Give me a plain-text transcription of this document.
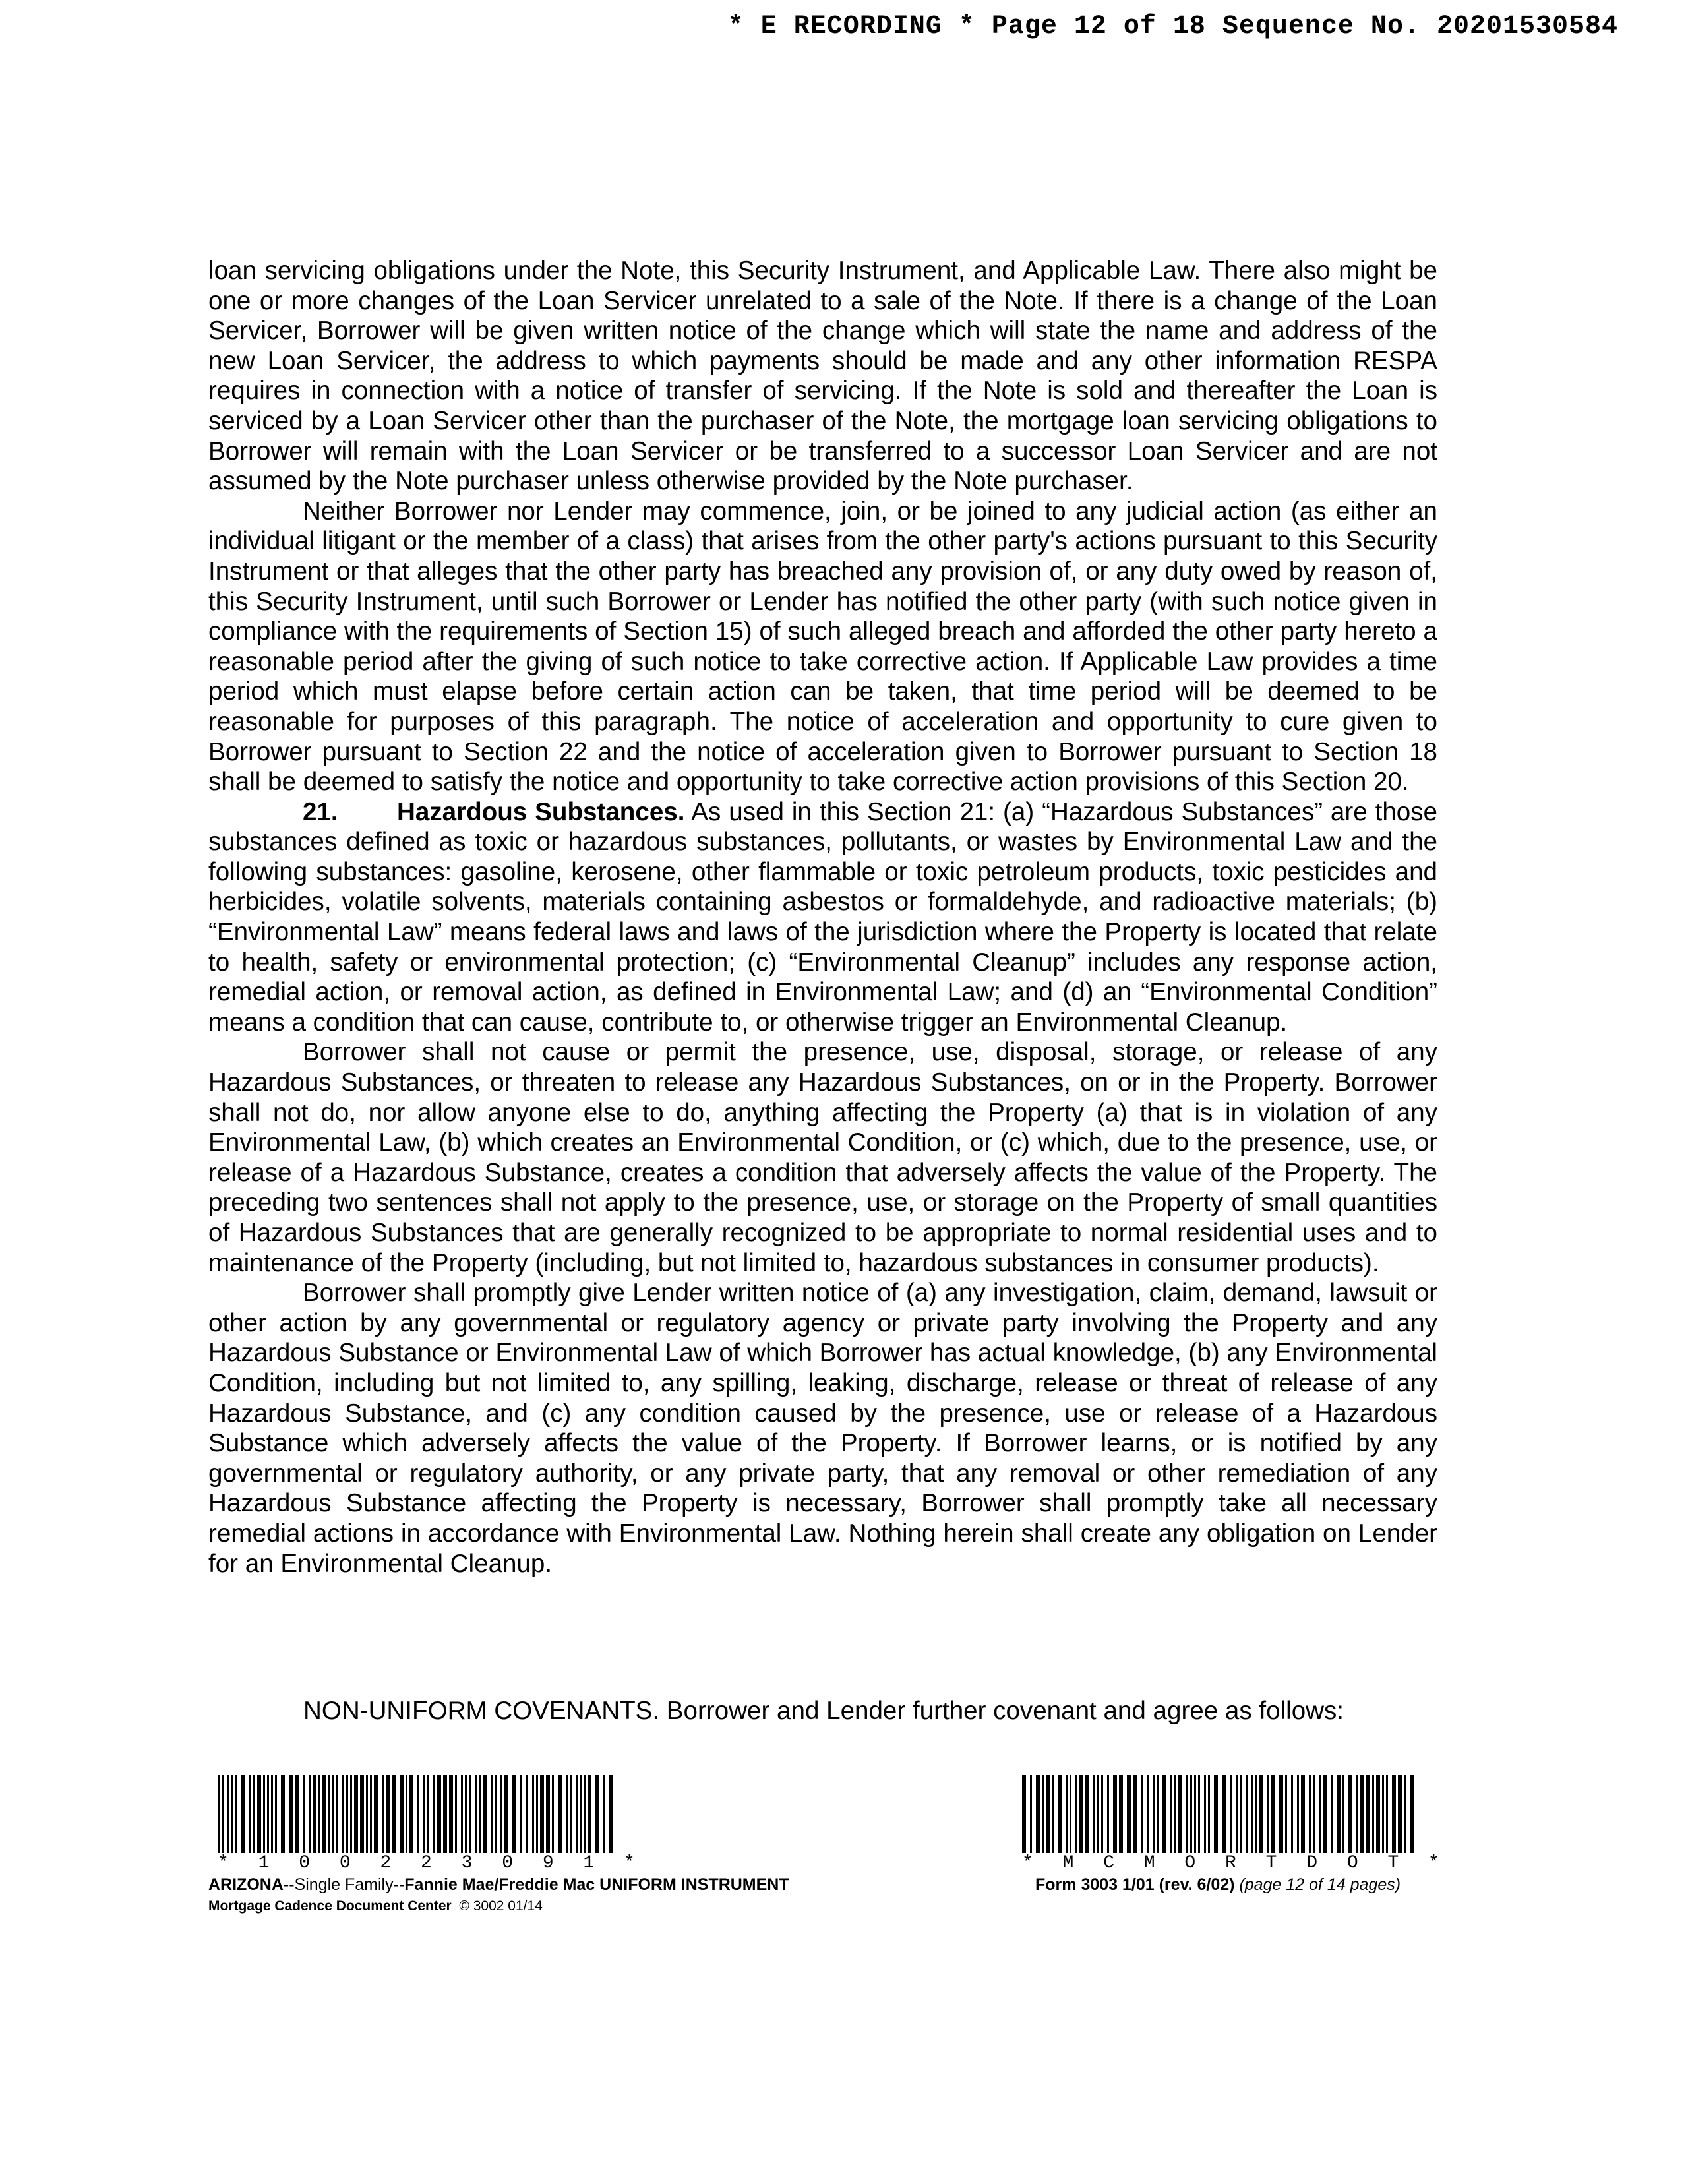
* E RECORDING * Page 12 of 18 Sequence No. 20201530584

loan servicing obligations under the Note, this Security Instrument, and Applicable Law. There also might be one or more changes of the Loan Servicer unrelated to a sale of the Note. If there is a change of the Loan Servicer, Borrower will be given written notice of the change which will state the name and address of the new Loan Servicer, the address to which payments should be made and any other information RESPA requires in connection with a notice of transfer of servicing. If the Note is sold and thereafter the Loan is serviced by a Loan Servicer other than the purchaser of the Note, the mortgage loan servicing obligations to Borrower will remain with the Loan Servicer or be transferred to a successor Loan Servicer and are not assumed by the Note purchaser unless otherwise provided by the Note purchaser.

Neither Borrower nor Lender may commence, join, or be joined to any judicial action (as either an individual litigant or the member of a class) that arises from the other party's actions pursuant to this Security Instrument or that alleges that the other party has breached any provision of, or any duty owed by reason of, this Security Instrument, until such Borrower or Lender has notified the other party (with such notice given in compliance with the requirements of Section 15) of such alleged breach and afforded the other party hereto a reasonable period after the giving of such notice to take corrective action. If Applicable Law provides a time period which must elapse before certain action can be taken, that time period will be deemed to be reasonable for purposes of this paragraph. The notice of acceleration and opportunity to cure given to Borrower pursuant to Section 22 and the notice of acceleration given to Borrower pursuant to Section 18 shall be deemed to satisfy the notice and opportunity to take corrective action provisions of this Section 20.

21. Hazardous Substances. As used in this Section 21: (a) “Hazardous Substances” are those substances defined as toxic or hazardous substances, pollutants, or wastes by Environmental Law and the following substances: gasoline, kerosene, other flammable or toxic petroleum products, toxic pesticides and herbicides, volatile solvents, materials containing asbestos or formaldehyde, and radioactive materials; (b) “Environmental Law” means federal laws and laws of the jurisdiction where the Property is located that relate to health, safety or environmental protection; (c) “Environmental Cleanup” includes any response action, remedial action, or removal action, as defined in Environmental Law; and (d) an “Environmental Condition” means a condition that can cause, contribute to, or otherwise trigger an Environmental Cleanup.

Borrower shall not cause or permit the presence, use, disposal, storage, or release of any Hazardous Substances, or threaten to release any Hazardous Substances, on or in the Property. Borrower shall not do, nor allow anyone else to do, anything affecting the Property (a) that is in violation of any Environmental Law, (b) which creates an Environmental Condition, or (c) which, due to the presence, use, or release of a Hazardous Substance, creates a condition that adversely affects the value of the Property. The preceding two sentences shall not apply to the presence, use, or storage on the Property of small quantities of Hazardous Substances that are generally recognized to be appropriate to normal residential uses and to maintenance of the Property (including, but not limited to, hazardous substances in consumer products).

Borrower shall promptly give Lender written notice of (a) any investigation, claim, demand, lawsuit or other action by any governmental or regulatory agency or private party involving the Property and any Hazardous Substance or Environmental Law of which Borrower has actual knowledge, (b) any Environmental Condition, including but not limited to, any spilling, leaking, discharge, release or threat of release of any Hazardous Substance, and (c) any condition caused by the presence, use or release of a Hazardous Substance which adversely affects the value of the Property. If Borrower learns, or is notified by any governmental or regulatory authority, or any private party, that any removal or other remediation of any Hazardous Substance affecting the Property is necessary, Borrower shall promptly take all necessary remedial actions in accordance with Environmental Law. Nothing herein shall create any obligation on Lender for an Environmental Cleanup.

NON-UNIFORM COVENANTS. Borrower and Lender further covenant and agree as follows:
* 1 0 0 2 2 3 0 9 1 *	* M C M O R T D O T *
ARIZONA--Single Family--Fannie Mae/Freddie Mac UNIFORM INSTRUMENT
Mortgage Cadence Document Center © 3002 01/14
Form 3003 1/01 (rev. 6/02) (page 12 of 14 pages)
